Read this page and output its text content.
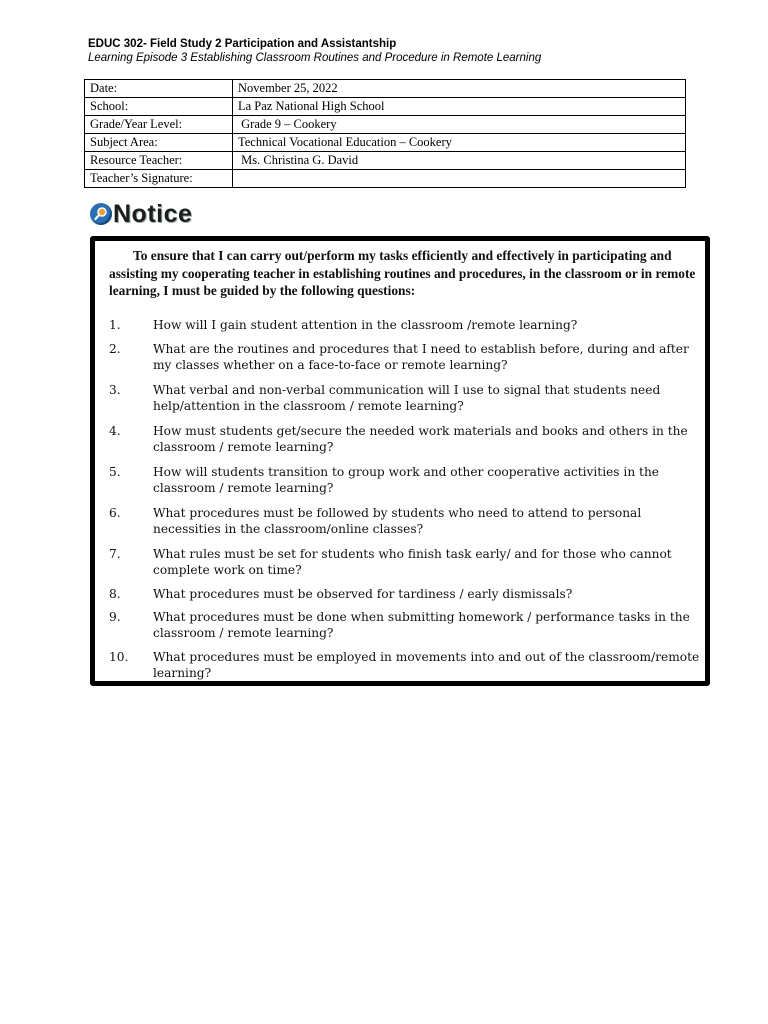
EDUC 302- Field Study 2 Participation and Assistantship
Learning Episode 3 Establishing Classroom Routines and Procedure in Remote Learning
Date:	November 25, 2022
School:	La Paz National High School
Grade/Year Level:	Grade 9 – Cookery
Subject Area:	Technical Vocational Education – Cookery
Resource Teacher:	Ms. Christina G. David
Teacher’s Signature:	
Notice
To ensure that I can carry out/perform my tasks efficiently and effectively in participating and assisting my cooperating teacher in establishing routines and procedures, in the classroom or in remote learning, I must be guided by the following questions:
1.	How will I gain student attention in the classroom /remote learning?
2.	What are the routines and procedures that I need to establish before, during and after my classes whether on a face-to-face or remote learning?
3.	What verbal and non-verbal communication will I use to signal that students need help/attention in the classroom / remote learning?
4.	How must students get/secure the needed work materials and books and others in the classroom / remote learning?
5.	How will students transition to group work and other cooperative activities in the classroom / remote learning?
6.	What procedures must be followed by students who need to attend to personal necessities in the classroom/online classes?
7.	What rules must be set for students who finish task early/ and for those who cannot complete work on time?
8.	What procedures must be observed for tardiness / early dismissals?
9.	What procedures must be done when submitting homework / performance tasks in the classroom / remote learning?
10.	What procedures must be employed in movements into and out of the classroom/remote learning?
